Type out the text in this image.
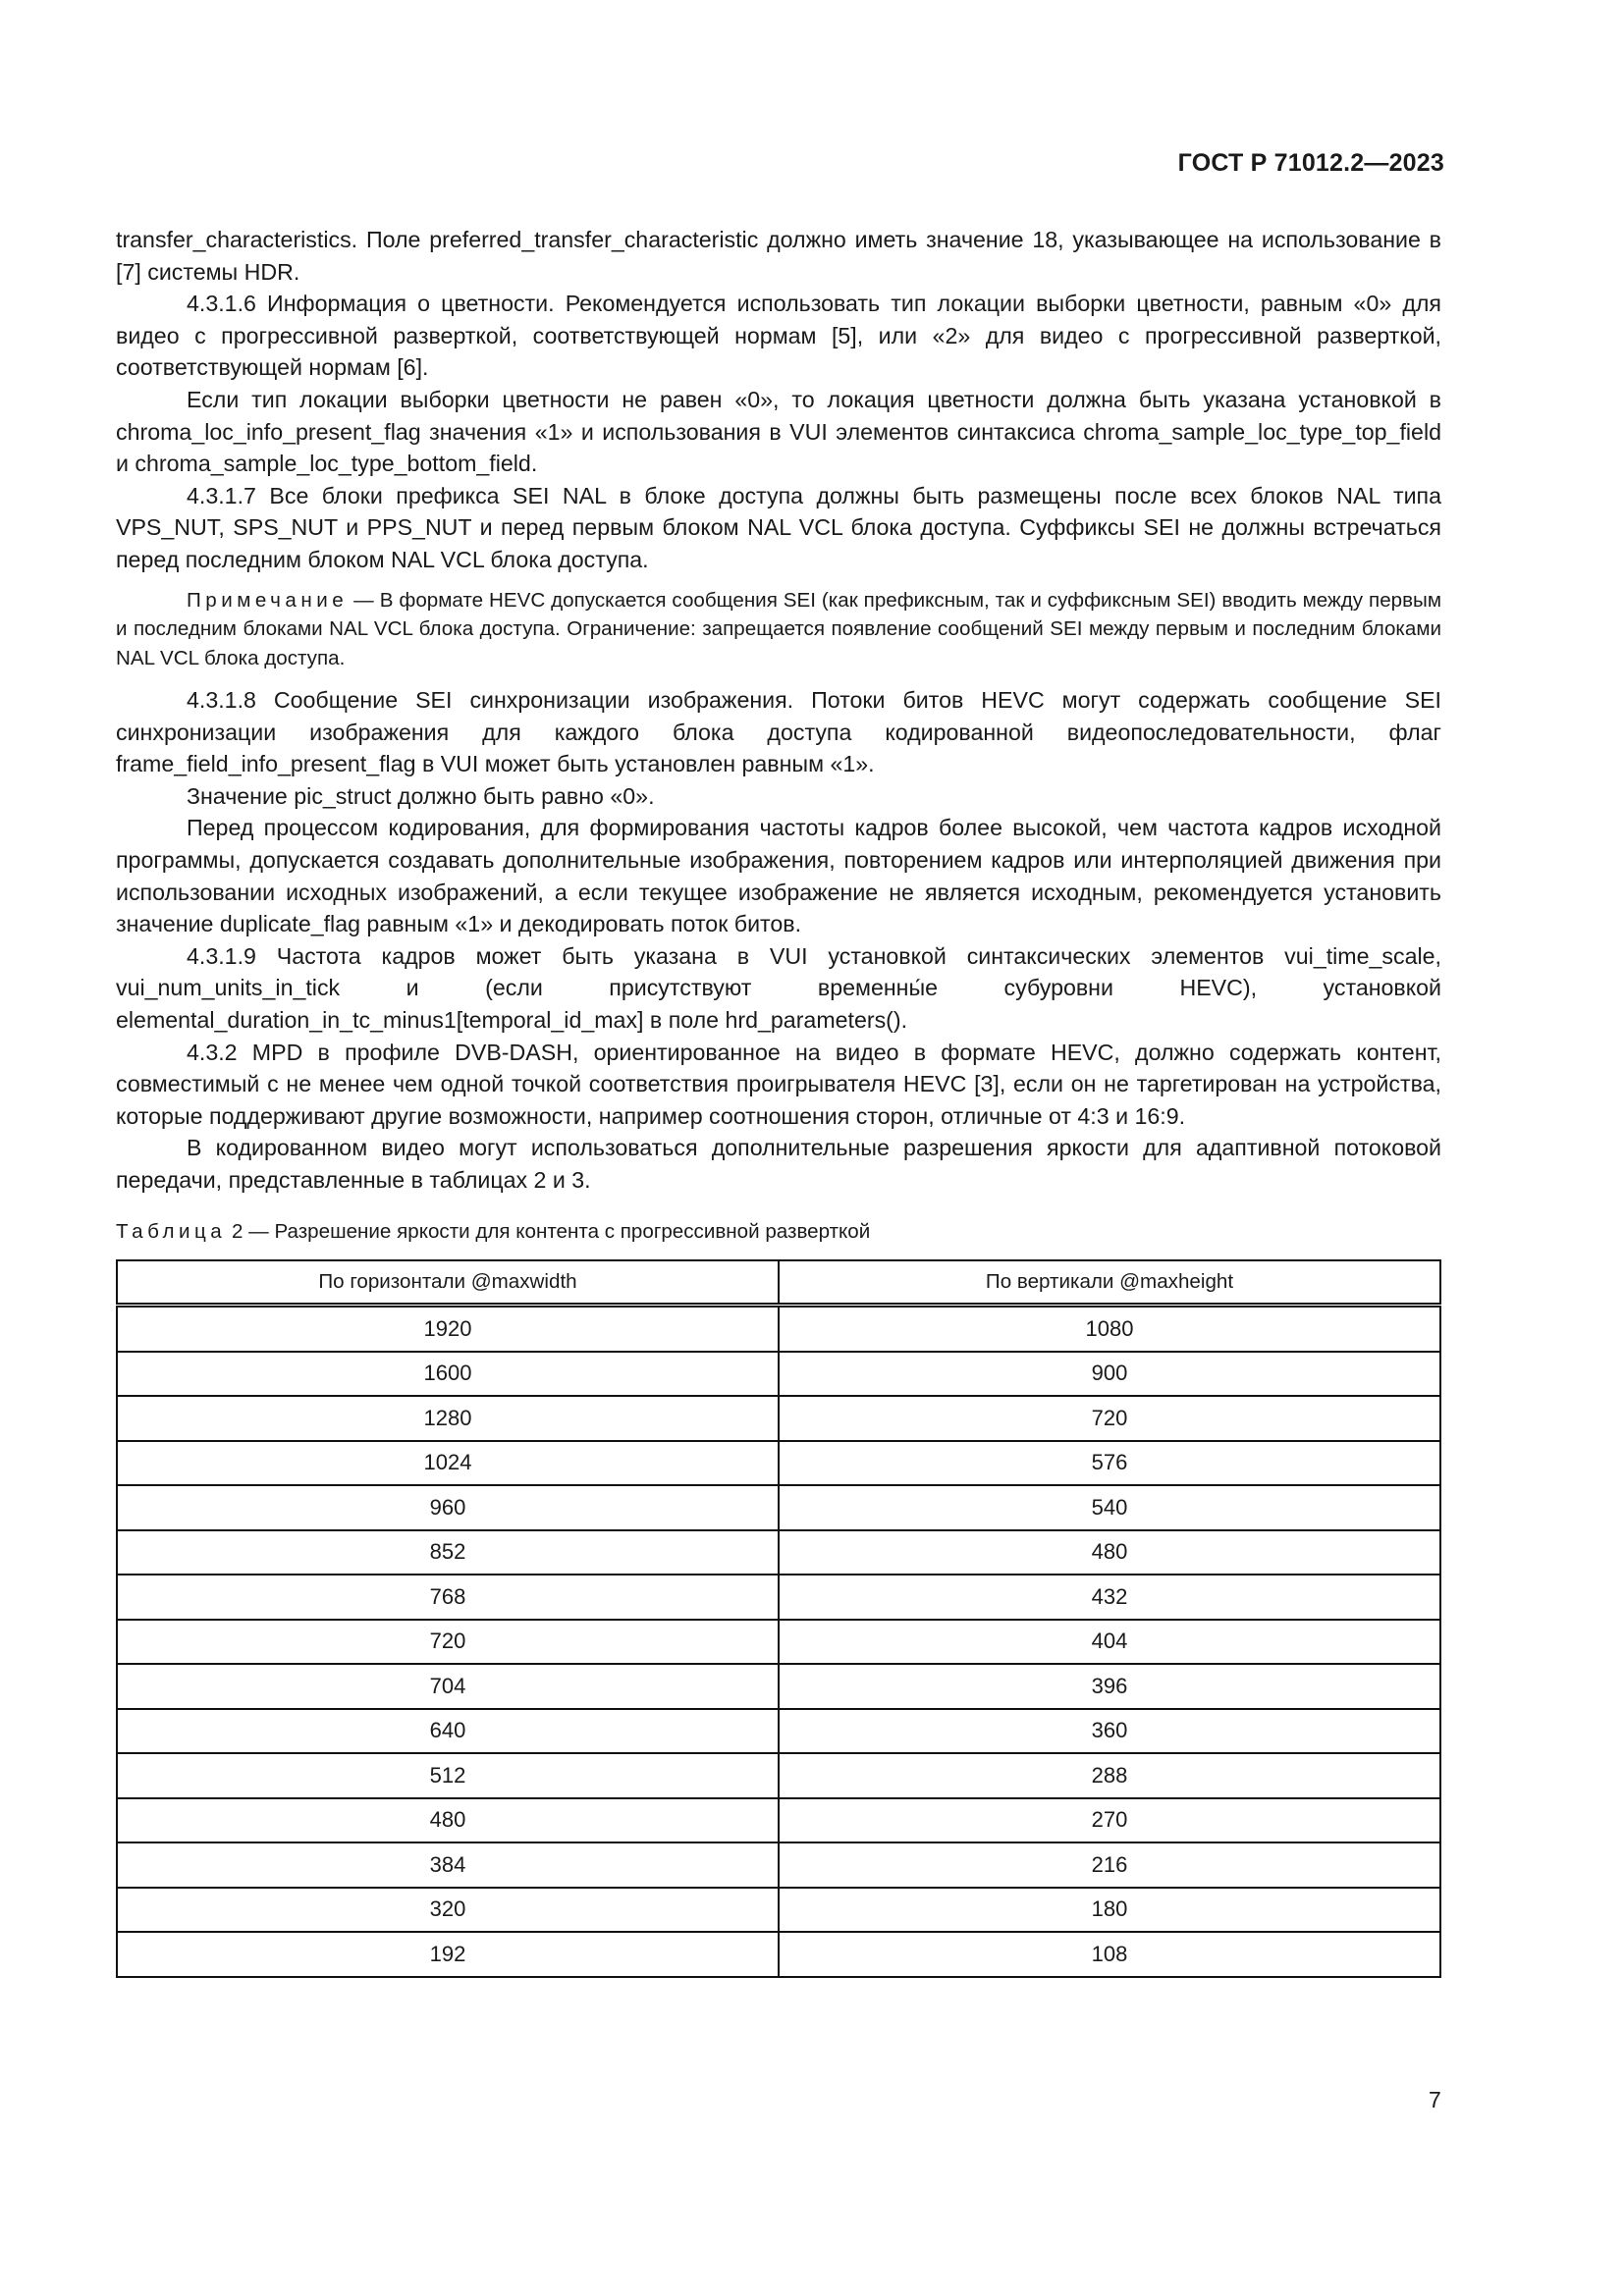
ГОСТ Р 71012.2—2023

transfer_characteristics. Поле preferred_transfer_characteristic должно иметь значение 18, указывающее на использование в [7] системы HDR.

4.3.1.6 Информация о цветности. Рекомендуется использовать тип локации выборки цветности, равным «0» для видео с прогрессивной разверткой, соответствующей нормам [5], или «2» для видео с прогрессивной разверткой, соответствующей нормам [6].

Если тип локации выборки цветности не равен «0», то локация цветности должна быть указана установкой в chroma_loc_info_present_flag значения «1» и использования в VUI элементов синтаксиса chroma_sample_loc_type_top_field и chroma_sample_loc_type_bottom_field.

4.3.1.7 Все блоки префикса SEI NAL в блоке доступа должны быть размещены после всех блоков NAL типа VPS_NUT, SPS_NUT и PPS_NUT и перед первым блоком NAL VCL блока доступа. Суффиксы SEI не должны встречаться перед последним блоком NAL VCL блока доступа.

Примечание — В формате HEVC допускается сообщения SEI (как префиксным, так и суффиксным SEI) вводить между первым и последним блоками NAL VCL блока доступа. Ограничение: запрещается появление сообщений SEI между первым и последним блоками NAL VCL блока доступа.

4.3.1.8 Сообщение SEI синхронизации изображения. Потоки битов HEVC могут содержать сообщение SEI синхронизации изображения для каждого блока доступа кодированной видеопоследовательности, флаг frame_field_info_present_flag в VUI может быть установлен равным «1».

Значение pic_struct должно быть равно «0».

Перед процессом кодирования, для формирования частоты кадров более высокой, чем частота кадров исходной программы, допускается создавать дополнительные изображения, повторением кадров или интерполяцией движения при использовании исходных изображений, а если текущее изображение не является исходным, рекомендуется установить значение duplicate_flag равным «1» и декодировать поток битов.

4.3.1.9 Частота кадров может быть указана в VUI установкой синтаксических элементов vui_time_scale, vui_num_units_in_tick и (если присутствуют временны́е субуровни HEVC), установкой elemental_duration_in_tc_minus1[temporal_id_max] в поле hrd_parameters().

4.3.2 MPD в профиле DVB-DASH, ориентированное на видео в формате HEVC, должно содержать контент, совместимый с не менее чем одной точкой соответствия проигрывателя HEVC [3], если он не таргетирован на устройства, которые поддерживают другие возможности, например соотношения сторон, отличные от 4:3 и 16:9.

В кодированном видео могут использоваться дополнительные разрешения яркости для адаптивной потоковой передачи, представленные в таблицах 2 и 3.

Таблица 2 — Разрешение яркости для контента с прогрессивной разверткой

По горизонтали @maxwidth	По вертикали @maxheight
1920	1080
1600	900
1280	720
1024	576
960	540
852	480
768	432
720	404
704	396
640	360
512	288
480	270
384	216
320	180
192	108
7
